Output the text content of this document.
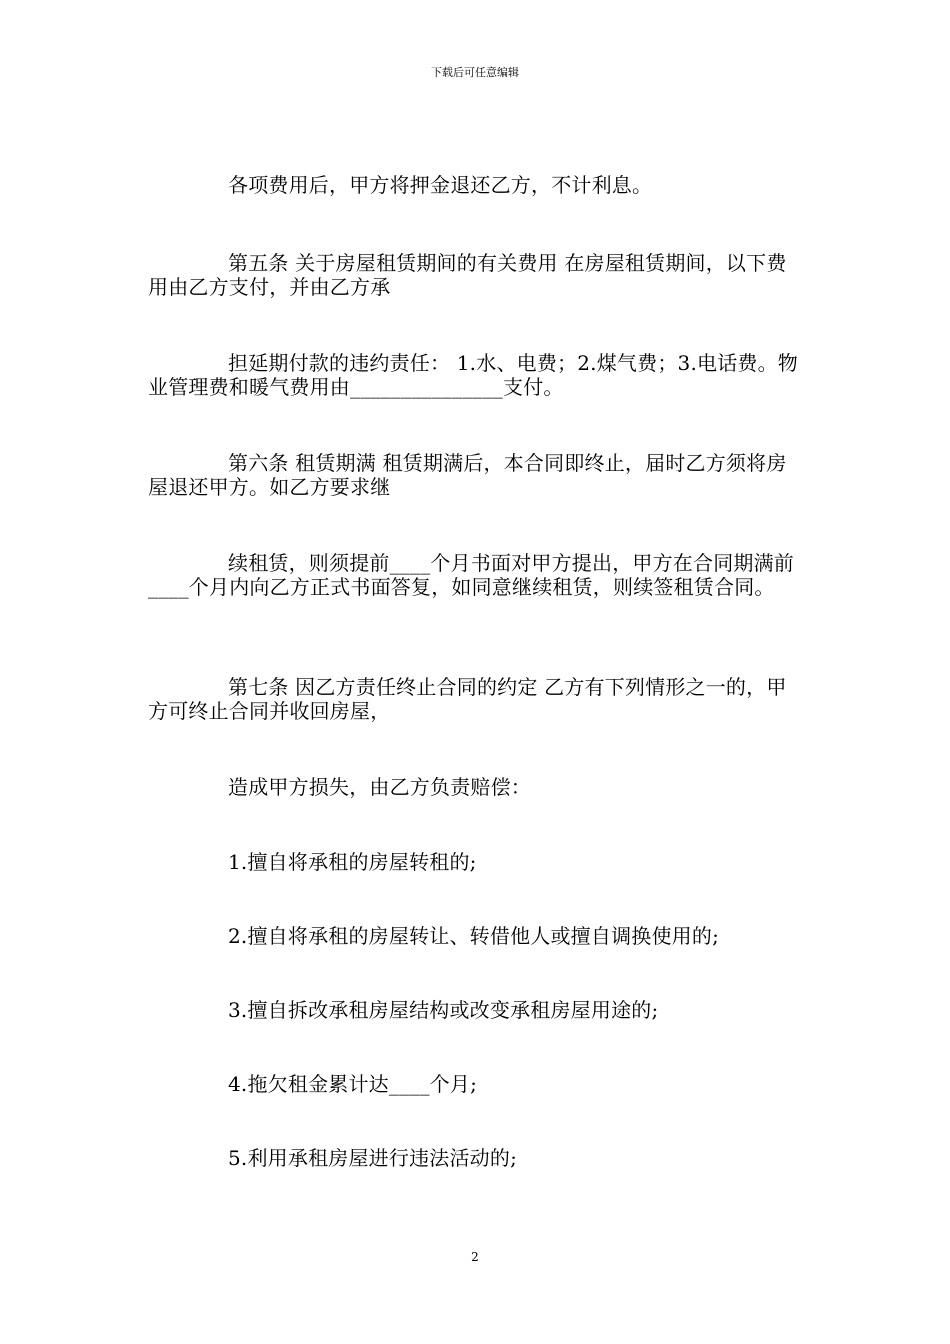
下载后可任意编辑

各项费用后，甲方将押金退还乙方，不计利息。

第五条 关于房屋租赁期间的有关费用 在房屋租赁期间，以下费用由乙方支付，并由乙方承

担延期付款的违约责任： 1.水、电费；2.煤气费；3.电话费。物业管理费和暖气费用由_______________支付。

第六条 租赁期满 租赁期满后，本合同即终止，届时乙方须将房屋退还甲方。如乙方要求继

续租赁，则须提前____个月书面对甲方提出，甲方在合同期满前____个月内向乙方正式书面答复，如同意继续租赁，则续签租赁合同。

第七条 因乙方责任终止合同的约定 乙方有下列情形之一的，甲方可终止合同并收回房屋，

造成甲方损失，由乙方负责赔偿：

1.擅自将承租的房屋转租的;

2.擅自将承租的房屋转让、转借他人或擅自调换使用的;

3.擅自拆改承租房屋结构或改变承租房屋用途的;

4.拖欠租金累计达____个月;

5.利用承租房屋进行违法活动的;

2
